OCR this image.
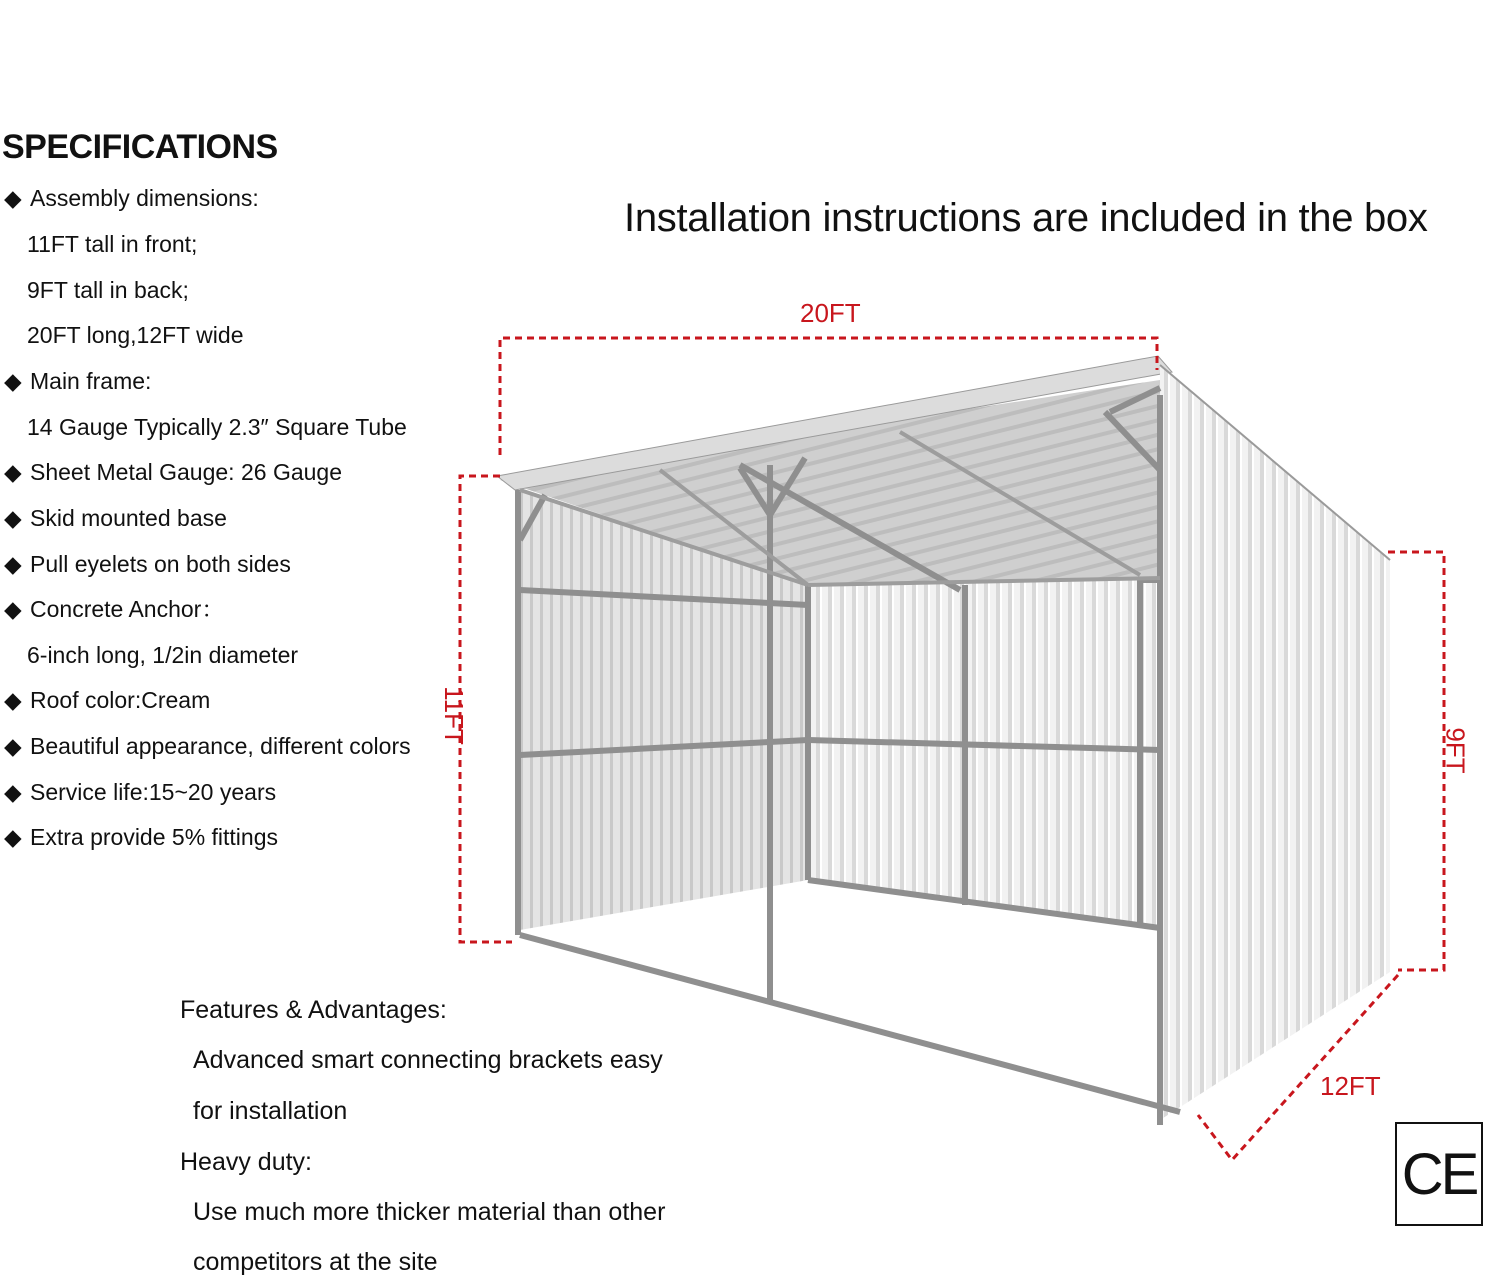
SPECIFICATIONS
◆ Assembly dimensions:
11FT tall in front;
9FT tall in back;
20FT long,12FT wide
◆ Main frame:
14 Gauge Typically 2.3″ Square Tube
◆ Sheet Metal Gauge: 26 Gauge
◆ Skid mounted base
◆ Pull eyelets on both sides
◆ Concrete Anchor：
6-inch long, 1/2in diameter
◆ Roof color:Cream
◆ Beautiful appearance, different colors
◆ Service life:15~20 years
◆ Extra provide 5% fittings
Installation instructions are included in the box
20FT
11FT
9FT
12FT
Features & Advantages:
Advanced smart connecting brackets easy
for installation
Heavy duty:
Use much more thicker material than other
competitors at the site
CE
